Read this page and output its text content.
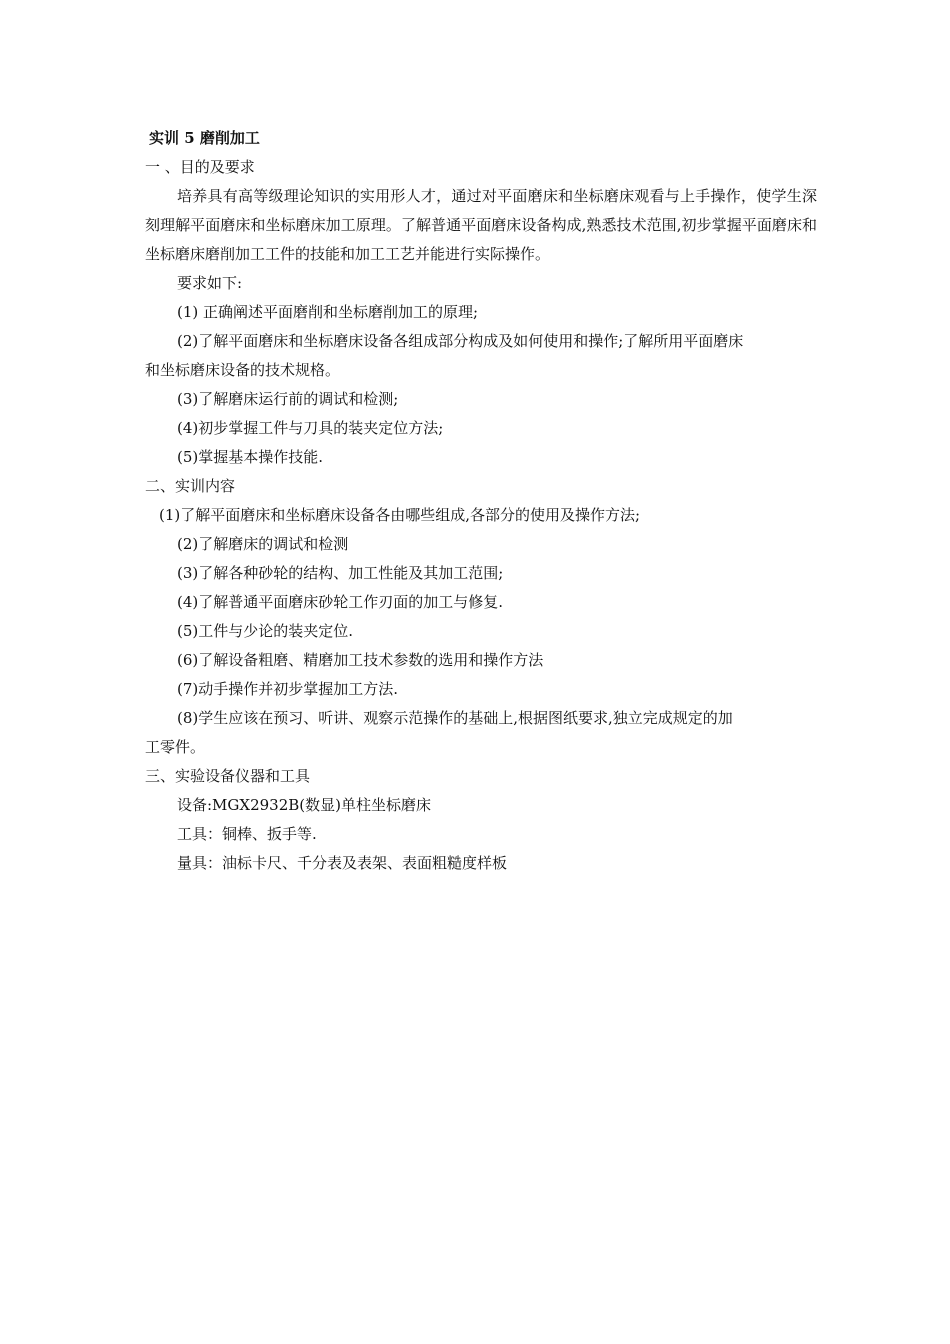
实训 5 磨削加工
一 、目的及要求
培养具有高等级理论知识的实用形人才，通过对平面磨床和坐标磨床观看与上手操作，使学生深刻理解平面磨床和坐标磨床加工原理。了解普通平面磨床设备构成,熟悉技术范围,初步掌握平面磨床和坐标磨床磨削加工工件的技能和加工工艺并能进行实际操作。
要求如下:
(1) 正确阐述平面磨削和坐标磨削加工的原理;
(2)了解平面磨床和坐标磨床设备各组成部分构成及如何使用和操作;了解所用平面磨床
和坐标磨床设备的技术规格。
(3)了解磨床运行前的调试和检测;
(4)初步掌握工件与刀具的装夹定位方法;
(5)掌握基本操作技能.
二、实训内容
(1)了解平面磨床和坐标磨床设备各由哪些组成,各部分的使用及操作方法;
(2)了解磨床的调试和检测
(3)了解各种砂轮的结构、加工性能及其加工范围;
(4)了解普通平面磨床砂轮工作刃面的加工与修复.
(5)工件与少论的装夹定位.
(6)了解设备粗磨、精磨加工技术参数的选用和操作方法
(7)动手操作并初步掌握加工方法.
(8)学生应该在预习、听讲、观察示范操作的基础上,根据图纸要求,独立完成规定的加
工零件。
三、实验设备仪器和工具
设备:MGX2932B(数显)单柱坐标磨床
工具：铜棒、扳手等.
量具：油标卡尺、千分表及表架、表面粗糙度样板
